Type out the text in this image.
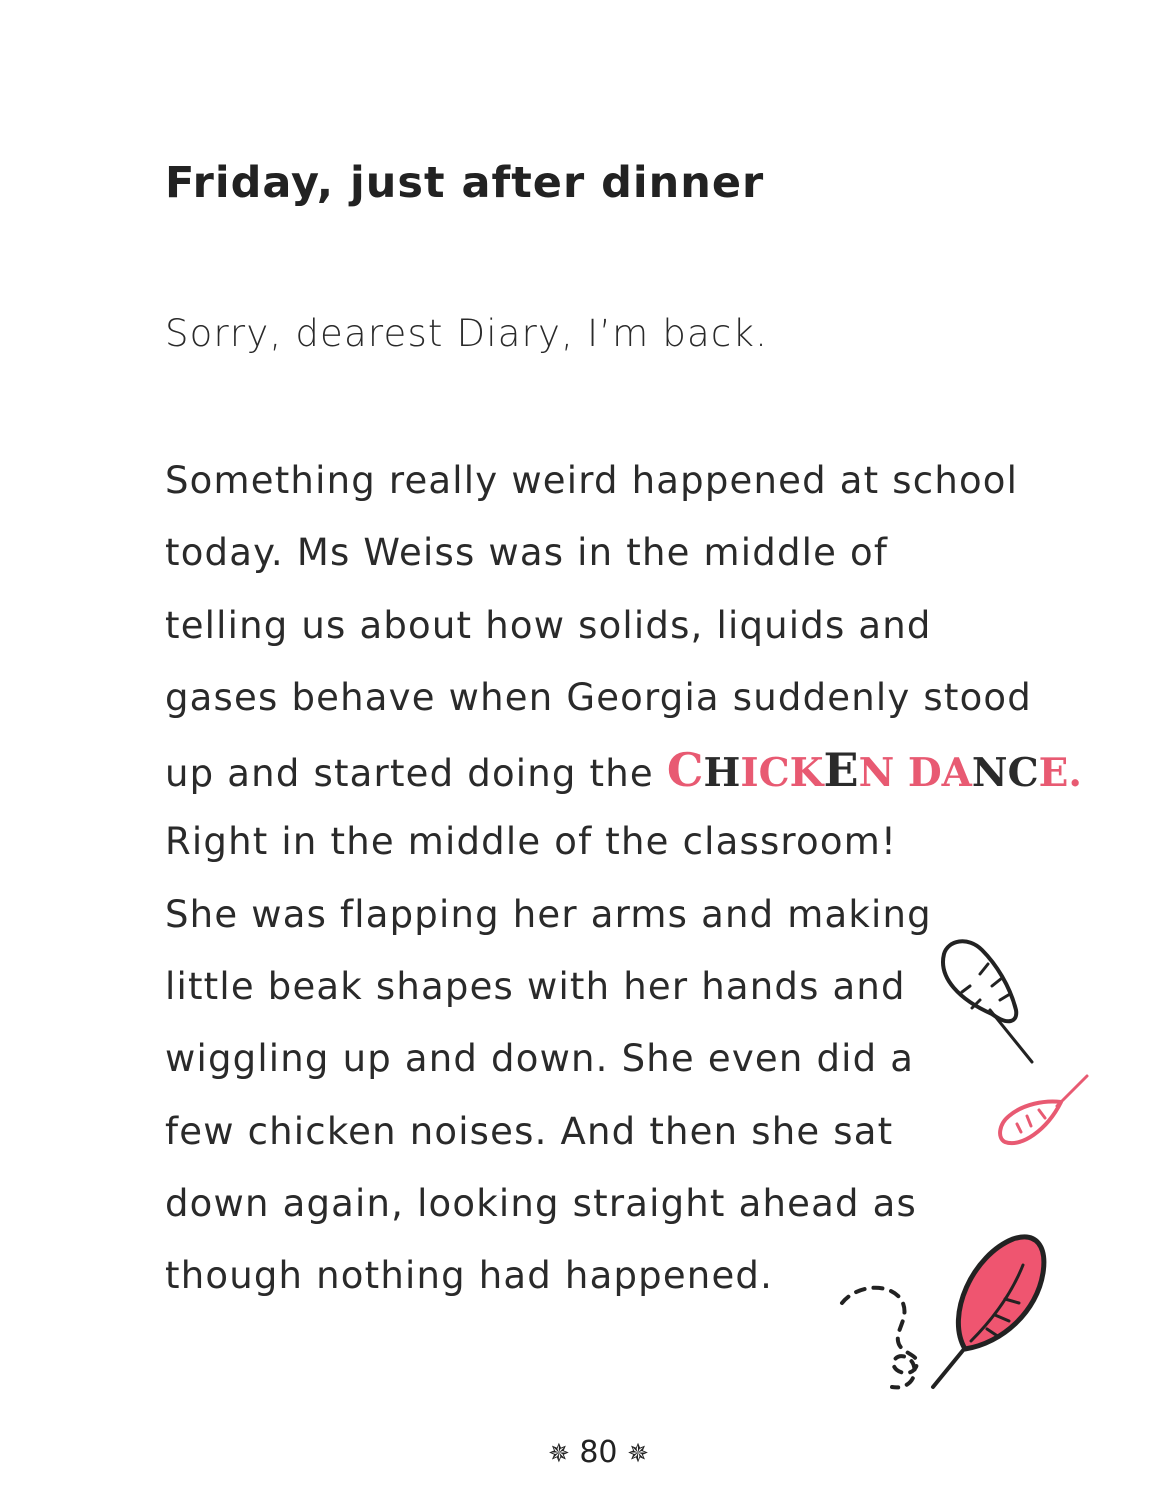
Friday, just after dinner
Sorry, dearest Diary, I’m back.
Something really weird happened at school
today. Ms Weiss was in the middle of
telling us about how solids, liquids and
gases behave when Georgia suddenly stood
up and started doing the CHICKEN DANCE.
Right in the middle of the classroom!
She was flapping her arms and making
little beak shapes with her hands and
wiggling up and down. She even did a
few chicken noises. And then she sat
down again, looking straight ahead as
though nothing had happened.
✵ 80 ✵
